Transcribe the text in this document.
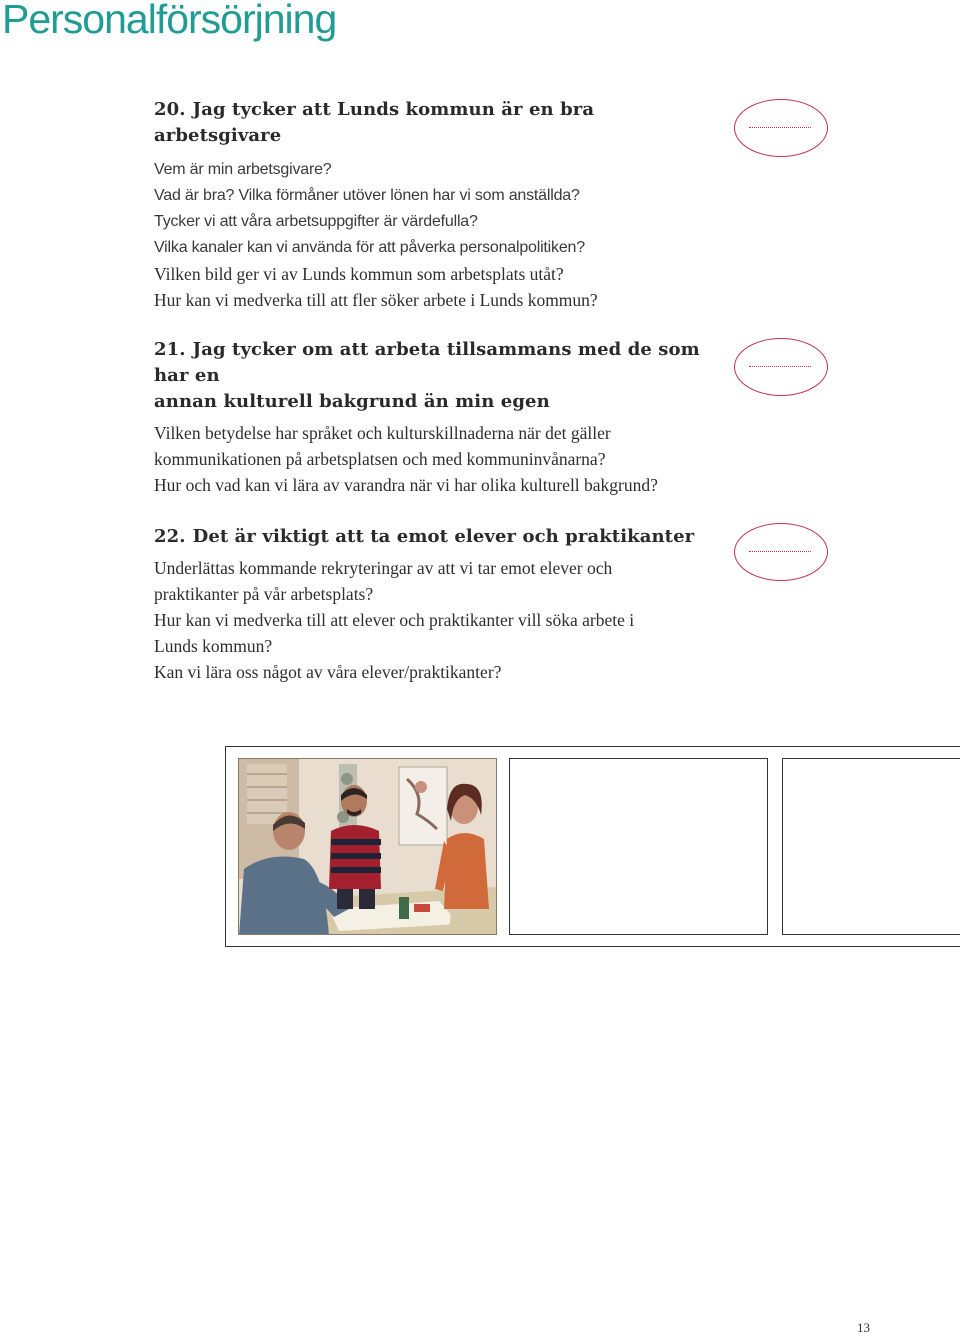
Personalförsörjning
20. Jag tycker att Lunds kommun är en bra arbetsgivare

Vem är min arbetsgivare?

Vad är bra? Vilka förmåner utöver lönen har vi som anställda?

Tycker vi att våra arbetsuppgifter är värdefulla?

Vilka kanaler kan vi använda för att påverka personalpolitiken?

Vilken bild ger vi av Lunds kommun som arbetsplats utåt?

Hur kan vi medverka till att fler söker arbete i Lunds kommun?

21. Jag tycker om att arbeta tillsammans med de som har en
annan kulturell bakgrund än min egen

Vilken betydelse har språket och kulturskillnaderna när det gäller

kommunikationen på arbetsplatsen och med kommuninvånarna?

Hur och vad kan vi lära av varandra när vi har olika kulturell bakgrund?

22. Det är viktigt att ta emot elever och praktikanter

Underlättas kommande rekryteringar av att vi tar emot elever och

praktikanter på vår arbetsplats?

Hur kan vi medverka till att elever och praktikanter vill söka arbete i

Lunds kommun?

Kan vi lära oss något av våra elever/praktikanter?

13
